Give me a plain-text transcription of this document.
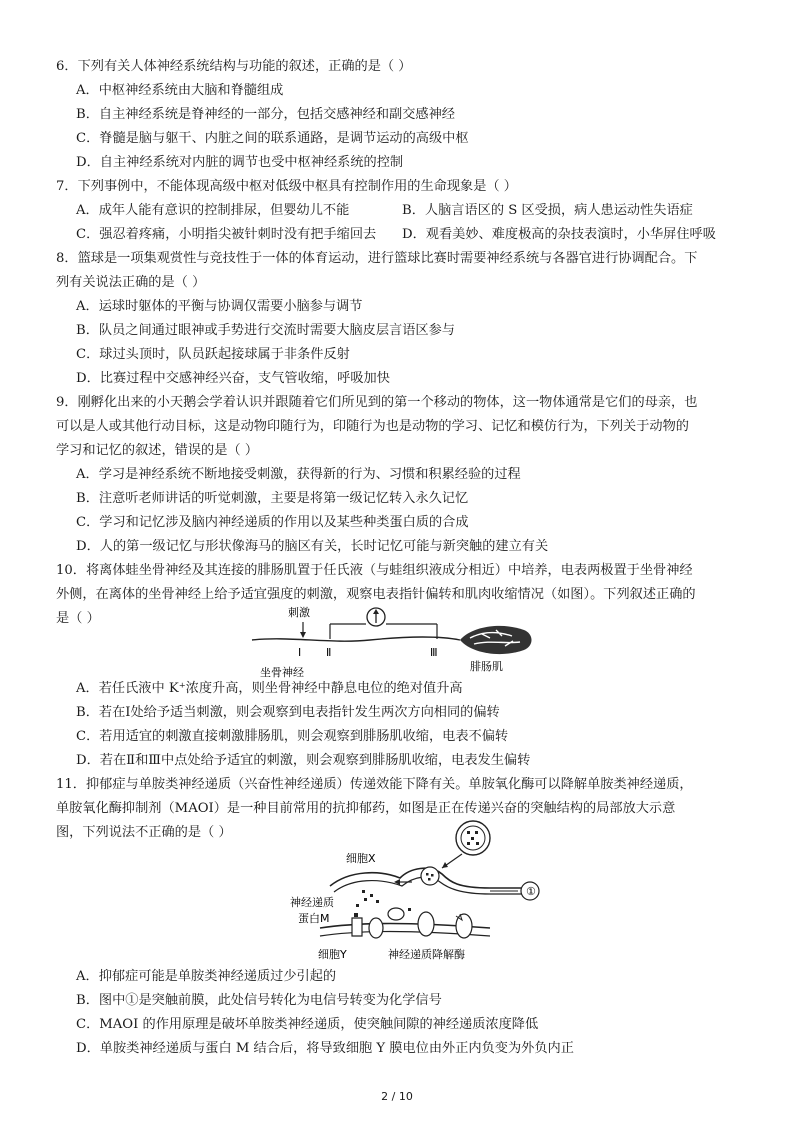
6．下列有关人体神经系统结构与功能的叙述，正确的是（ ）
A．中枢神经系统由大脑和脊髓组成
B．自主神经系统是脊神经的一部分，包括交感神经和副交感神经
C．脊髓是脑与躯干、内脏之间的联系通路，是调节运动的高级中枢
D．自主神经系统对内脏的调节也受中枢神经系统的控制
7．下列事例中，不能体现高级中枢对低级中枢具有控制作用的生命现象是（ ）
A．成年人能有意识的控制排尿，但婴幼儿不能	B．人脑言语区的 S 区受损，病人患运动性失语症
C．强忍着疼痛，小明指尖被针刺时没有把手缩回去 D．观看美妙、难度极高的杂技表演时，小华屏住呼吸
8．篮球是一项集观赏性与竞技性于一体的体育运动，进行篮球比赛时需要神经系统与各器官进行协调配合。下
列有关说法正确的是（ ）
A．运球时躯体的平衡与协调仅需要小脑参与调节
B．队员之间通过眼神或手势进行交流时需要大脑皮层言语区参与
C．球过头顶时，队员跃起接球属于非条件反射
D．比赛过程中交感神经兴奋，支气管收缩，呼吸加快
9．刚孵化出来的小天鹅会学着认识并跟随着它们所见到的第一个移动的物体，这一物体通常是它们的母亲，也
可以是人或其他行动目标，这是动物印随行为，印随行为也是动物的学习、记忆和模仿行为，下列关于动物的
学习和记忆的叙述，错误的是（ ）
A．学习是神经系统不断地接受刺激，获得新的行为、习惯和积累经验的过程
B．注意听老师讲话的听觉刺激，主要是将第一级记忆转入永久记忆
C．学习和记忆涉及脑内神经递质的作用以及某些种类蛋白质的合成
D．人的第一级记忆与形状像海马的脑区有关，长时记忆可能与新突触的建立有关
10．将离体蛙坐骨神经及其连接的腓肠肌置于任氏液（与蛙组织液成分相近）中培养，电表两极置于坐骨神经
外侧，在离体的坐骨神经上给予适宜强度的刺激，观察电表指针偏转和肌肉收缩情况（如图）。下列叙述正确的
是（ ）	刺激
Ⅰ Ⅱ	Ⅲ
坐骨神经	腓肠肌
A．若任氏液中 K⁺浓度升高，则坐骨神经中静息电位的绝对值升高
B．若在Ⅰ处给予适当刺激，则会观察到电表指针发生两次方向相同的偏转
C．若用适宜的刺激直接刺激腓肠肌，则会观察到腓肠肌收缩，电表不偏转
D．若在Ⅱ和Ⅲ中点处给予适宜的刺激，则会观察到腓肠肌收缩，电表发生偏转
11．抑郁症与单胺类神经递质（兴奋性神经递质）传递效能下降有关。单胺氧化酶可以降解单胺类神经递质，
单胺氧化酶抑制剂（MAOI）是一种目前常用的抗抑郁药，如图是正在传递兴奋的突触结构的局部放大示意
图，下列说法不正确的是（ ）
①
细胞X
神经递质
蛋白M
细胞Y	神经递质降解酶
A．抑郁症可能是单胺类神经递质过少引起的
B．图中①是突触前膜，此处信号转化为电信号转变为化学信号
C．MAOI 的作用原理是破坏单胺类神经递质，使突触间隙的神经递质浓度降低
D．单胺类神经递质与蛋白 M 结合后，将导致细胞 Y 膜电位由外正内负变为外负内正
2 / 10
